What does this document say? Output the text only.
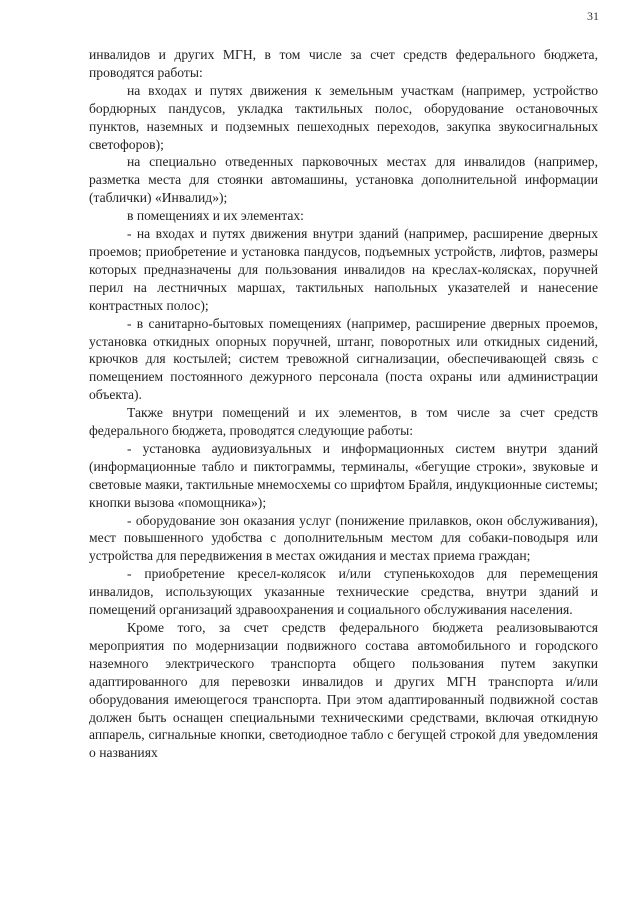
31

инвалидов и других МГН, в том числе за счет средств федерального бюджета, проводятся работы:

на входах и путях движения к земельным участкам (например, устройство бордюрных пандусов, укладка тактильных полос, оборудование остановочных пунктов, наземных и подземных пешеходных переходов, закупка звукосигнальных светофоров);

на специально отведенных парковочных местах для инвалидов (например, разметка места для стоянки автомашины, установка дополнительной информации (таблички) «Инвалид»);

в помещениях и их элементах:

- на входах и путях движения внутри зданий (например, расширение дверных проемов; приобретение и установка пандусов, подъемных устройств, лифтов, размеры которых предназначены для пользования инвалидов на креслах-колясках, поручней перил на лестничных маршах, тактильных напольных указателей и нанесение контрастных полос);

- в санитарно-бытовых помещениях (например, расширение дверных проемов, установка откидных опорных поручней, штанг, поворотных или откидных сидений, крючков для костылей; систем тревожной сигнализации, обеспечивающей связь с помещением постоянного дежурного персонала (поста охраны или администрации объекта).

Также внутри помещений и их элементов, в том числе за счет средств федерального бюджета, проводятся следующие работы:

- установка аудиовизуальных и информационных систем внутри зданий (информационные табло и пиктограммы, терминалы, «бегущие строки», звуковые и световые маяки, тактильные мнемосхемы со шрифтом Брайля, индукционные системы; кнопки вызова «помощника»);

- оборудование зон оказания услуг (понижение прилавков, окон обслуживания), мест повышенного удобства с дополнительным местом для собаки-поводыря или устройства для передвижения в местах ожидания и местах приема граждан;

- приобретение кресел-колясок и/или ступенькоходов для перемещения инвалидов, использующих указанные технические средства, внутри зданий и помещений организаций здравоохранения и социального обслуживания населения.

Кроме того, за счет средств федерального бюджета реализовываются мероприятия по модернизации подвижного состава автомобильного и городского наземного электрического транспорта общего пользования путем закупки адаптированного для перевозки инвалидов и других МГН транспорта и/или оборудования имеющегося транспорта. При этом адаптированный подвижной состав должен быть оснащен специальными техническими средствами, включая откидную аппарель, сигнальные кнопки, светодиодное табло с бегущей строкой для уведомления о названиях
